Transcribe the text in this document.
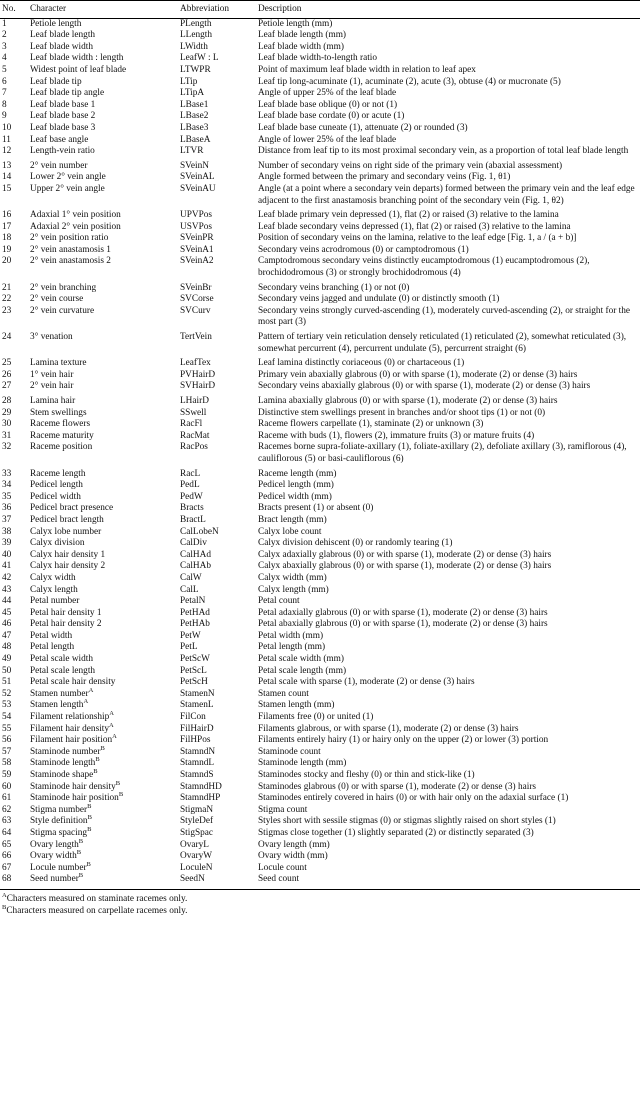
No.	Character	Abbreviation	Description
1	Petiole length	PLength	Petiole length (mm)
2	Leaf blade length	LLength	Leaf blade length (mm)
3	Leaf blade width	LWidth	Leaf blade width (mm)
4	Leaf blade width : length	LeafW : L	Leaf blade width-to-length ratio
5	Widest point of leaf blade	LTWPR	Point of maximum leaf blade width in relation to leaf apex
6	Leaf blade tip	LTip	Leaf tip long-acuminate (1), acuminate (2), acute (3), obtuse (4) or mucronate (5)
7	Leaf blade tip angle	LTipA	Angle of upper 25% of the leaf blade
8	Leaf blade base 1	LBase1	Leaf blade base oblique (0) or not (1)
9	Leaf blade base 2	LBase2	Leaf blade base cordate (0) or acute (1)
10	Leaf blade base 3	LBase3	Leaf blade base cuneate (1), attenuate (2) or rounded (3)
11	Leaf base angle	LBaseA	Angle of lower 25% of the leaf blade
12	Length-vein ratio	LTVR	Distance from leaf tip to its most proximal secondary vein, as a proportion of total leaf blade length
13	2° vein number	SVeinN	Number of secondary veins on right side of the primary vein (abaxial assessment)
14	Lower 2° vein angle	SVeinAL	Angle formed between the primary and secondary veins (Fig. 1, θ1)
15	Upper 2° vein angle	SVeinAU	Angle (at a point where a secondary vein departs) formed between the primary vein and the leaf edge adjacent to the first anastamosis branching point of the secondary vein (Fig. 1, θ2)
16	Adaxial 1° vein position	UPVPos	Leaf blade primary vein depressed (1), flat (2) or raised (3) relative to the lamina
17	Adaxial 2° vein position	USVPos	Leaf blade secondary veins depressed (1), flat (2) or raised (3) relative to the lamina
18	2° vein position ratio	SVeinPR	Position of secondary veins on the lamina, relative to the leaf edge [Fig. 1, a / (a + b)]
19	2° vein anastamosis 1	SVeinA1	Secondary veins acrodromous (0) or camptodromous (1)
20	2° vein anastamosis 2	SVeinA2	Camptodromous secondary veins distinctly eucamptodromous (1) eucamptodromous (2), brochidodromous (3) or strongly brochidodromous (4)
21	2° vein branching	SVeinBr	Secondary veins branching (1) or not (0)
22	2° vein course	SVCorse	Secondary veins jagged and undulate (0) or distinctly smooth (1)
23	2° vein curvature	SVCurv	Secondary veins strongly curved-ascending (1), moderately curved-ascending (2), or straight for the most part (3)
24	3° venation	TertVein	Pattern of tertiary vein reticulation densely reticulated (1) reticulated (2), somewhat reticulated (3), somewhat percurrent (4), percurrent undulate (5), percurrent straight (6)
25	Lamina texture	LeafTex	Leaf lamina distinctly coriaceous (0) or chartaceous (1)
26	1° vein hair	PVHairD	Primary vein abaxially glabrous (0) or with sparse (1), moderate (2) or dense (3) hairs
27	2° vein hair	SVHairD	Secondary veins abaxially glabrous (0) or with sparse (1), moderate (2) or dense (3) hairs
28	Lamina hair	LHairD	Lamina abaxially glabrous (0) or with sparse (1), moderate (2) or dense (3) hairs
29	Stem swellings	SSwell	Distinctive stem swellings present in branches and/or shoot tips (1) or not (0)
30	Raceme flowers	RacFl	Raceme flowers carpellate (1), staminate (2) or unknown (3)
31	Raceme maturity	RacMat	Raceme with buds (1), flowers (2), immature fruits (3) or mature fruits (4)
32	Raceme position	RacPos	Racemes borne supra-foliate-axillary (1), foliate-axillary (2), defoliate axillary (3), ramiflorous (4), cauliflorous (5) or basi-cauliflorous (6)
33	Raceme length	RacL	Raceme length (mm)
34	Pedicel length	PedL	Pedicel length (mm)
35	Pedicel width	PedW	Pedicel width (mm)
36	Pedicel bract presence	Bracts	Bracts present (1) or absent (0)
37	Pedicel bract length	BractL	Bract length (mm)
38	Calyx lobe number	CalLobeN	Calyx lobe count
39	Calyx division	CalDiv	Calyx division dehiscent (0) or randomly tearing (1)
40	Calyx hair density 1	CalHAd	Calyx adaxially glabrous (0) or with sparse (1), moderate (2) or dense (3) hairs
41	Calyx hair density 2	CalHAb	Calyx abaxially glabrous (0) or with sparse (1), moderate (2) or dense (3) hairs
42	Calyx width	CalW	Calyx width (mm)
43	Calyx length	CalL	Calyx length (mm)
44	Petal number	PetalN	Petal count
45	Petal hair density 1	PetHAd	Petal adaxially glabrous (0) or with sparse (1), moderate (2) or dense (3) hairs
46	Petal hair density 2	PetHAb	Petal abaxially glabrous (0) or with sparse (1), moderate (2) or dense (3) hairs
47	Petal width	PetW	Petal width (mm)
48	Petal length	PetL	Petal length (mm)
49	Petal scale width	PetScW	Petal scale width (mm)
50	Petal scale length	PetScL	Petal scale length (mm)
51	Petal scale hair density	PetScH	Petal scale with sparse (1), moderate (2) or dense (3) hairs
52	Stamen number$^A$	StamenN	Stamen count
53	Stamen length$^A$	StamenL	Stamen length (mm)
54	Filament relationship$^A$	FilCon	Filaments free (0) or united (1)
55	Filament hair density$^A$	FilHairD	Filaments glabrous, or with sparse (1), moderate (2) or dense (3) hairs
56	Filament hair position$^A$	FilHPos	Filaments entirely hairy (1) or hairy only on the upper (2) or lower (3) portion
57	Staminode number$^B$	StamndN	Staminode count
58	Staminode length$^B$	StamndL	Staminode length (mm)
59	Staminode shape$^B$	StamndS	Staminodes stocky and fleshy (0) or thin and stick-like (1)
60	Staminode hair density$^B$	StamndHD	Staminodes glabrous (0) or with sparse (1), moderate (2) or dense (3) hairs
61	Staminode hair position$^B$	StamndHP	Staminodes entirely covered in hairs (0) or with hair only on the adaxial surface (1)
62	Stigma number$^B$	StigmaN	Stigma count
63	Style definition$^B$	StyleDef	Styles short with sessile stigmas (0) or stigmas slightly raised on short styles (1)
64	Stigma spacing$^B$	StigSpac	Stigmas close together (1) slightly separated (2) or distinctly separated (3)
65	Ovary length$^B$	OvaryL	Ovary length (mm)
66	Ovary width$^B$	OvaryW	Ovary width (mm)
67	Locule number$^B$	LoculeN	Locule count
68	Seed number$^B$	SeedN	Seed count
$^A$Characters measured on staminate racemes only.
$^B$Characters measured on carpellate racemes only.
